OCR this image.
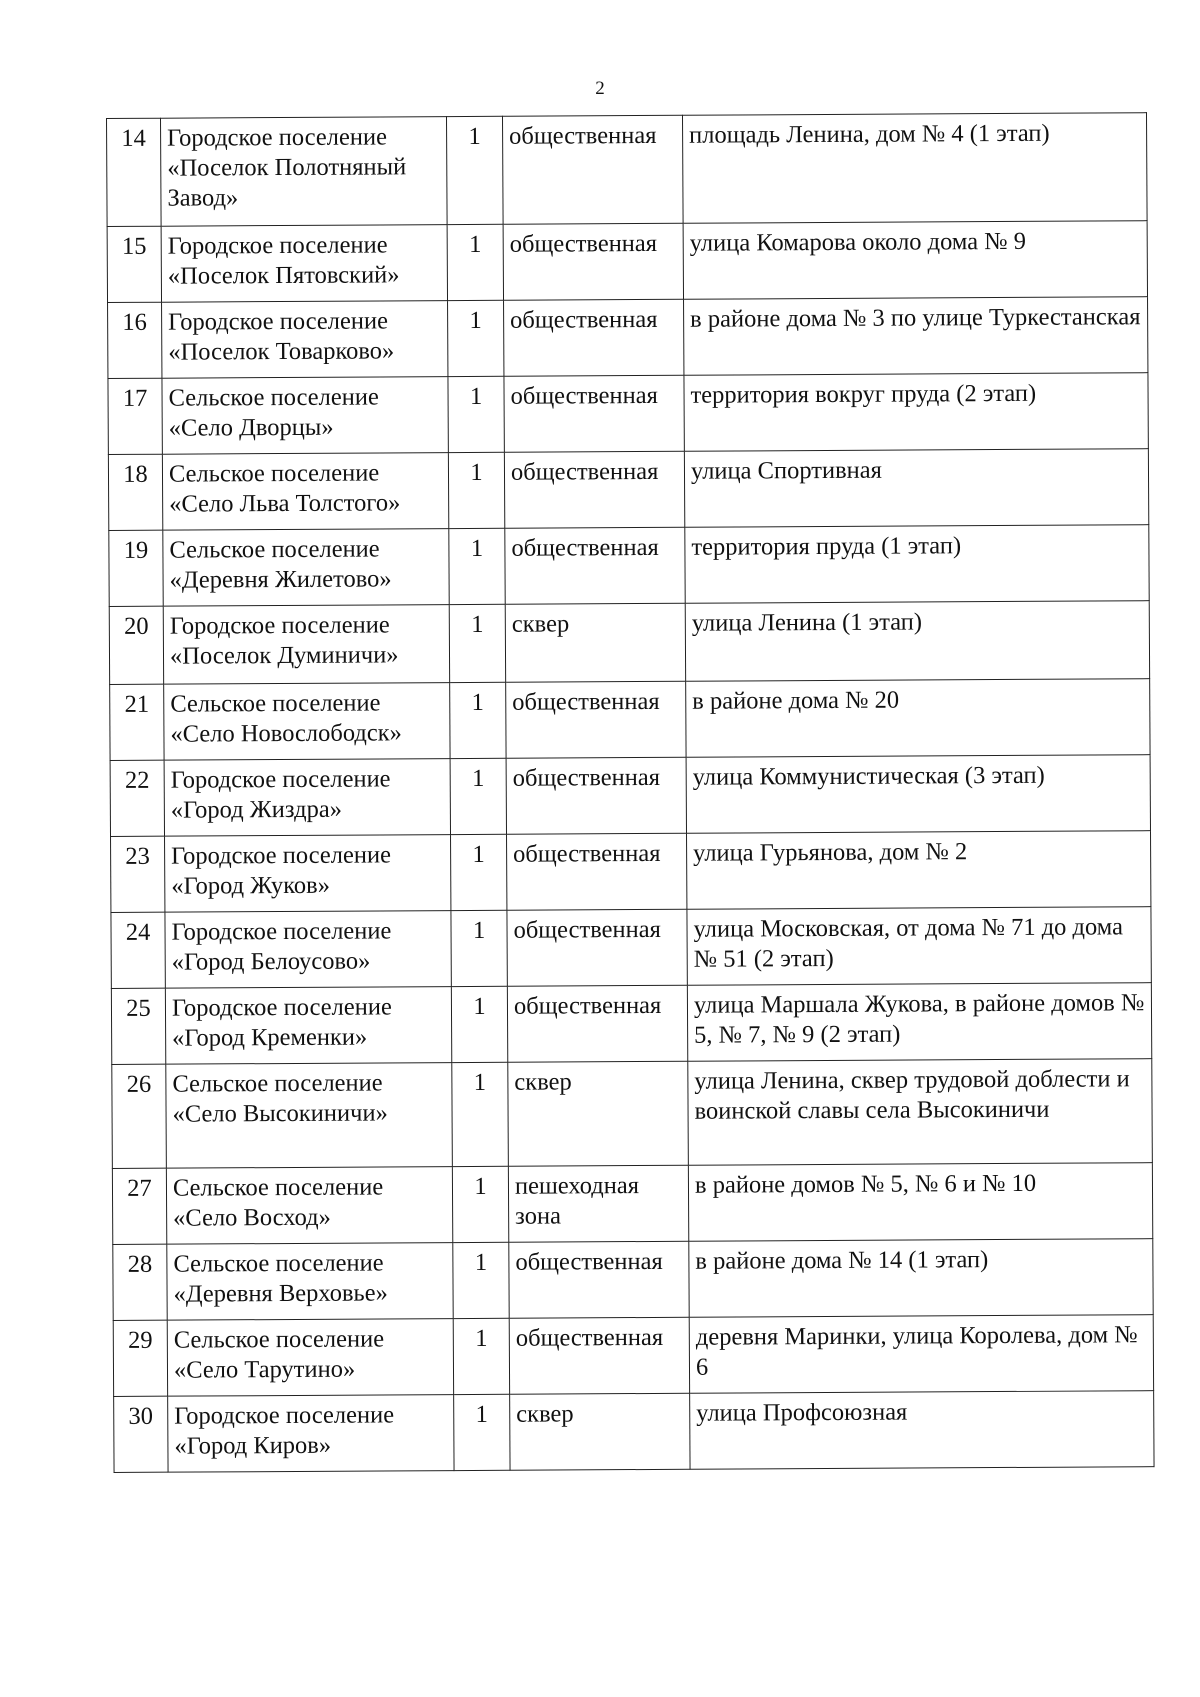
2
14	Городское поселение «Поселок Полотняный Завод»	1	общественная	площадь Ленина, дом № 4 (1 этап)
15	Городское поселение «Поселок Пятовский»	1	общественная	улица Комарова около дома № 9
16	Городское поселение «Поселок Товарково»	1	общественная	в районе дома № 3 по улице Туркестанская
17	Сельское поселение «Село Дворцы»	1	общественная	территория вокруг пруда (2 этап)
18	Сельское поселение «Село Льва Толстого»	1	общественная	улица Спортивная
19	Сельское поселение «Деревня Жилетово»	1	общественная	территория пруда (1 этап)
20	Городское поселение «Поселок Думиничи»	1	сквер	улица Ленина (1 этап)
21	Сельское поселение «Село Новослободск»	1	общественная	в районе дома № 20
22	Городское поселение «Город Жиздра»	1	общественная	улица Коммунистическая (3 этап)
23	Городское поселение «Город Жуков»	1	общественная	улица Гурьянова, дом № 2
24	Городское поселение «Город Белоусово»	1	общественная	улица Московская, от дома № 71 до дома № 51 (2 этап)
25	Городское поселение «Город Кременки»	1	общественная	улица Маршала Жукова, в районе домов № 5, № 7, № 9 (2 этап)
26	Сельское поселение «Село Высокиничи»	1	сквер	улица Ленина, сквер трудовой доблести и воинской славы села Высокиничи
27	Сельское поселение «Село Восход»	1	пешеходная зона	в районе домов № 5, № 6 и № 10
28	Сельское поселение «Деревня Верховье»	1	общественная	в районе дома № 14 (1 этап)
29	Сельское поселение «Село Тарутино»	1	общественная	деревня Маринки, улица Королева, дом № 6
30	Городское поселение «Город Киров»	1	сквер	улица Профсоюзная
